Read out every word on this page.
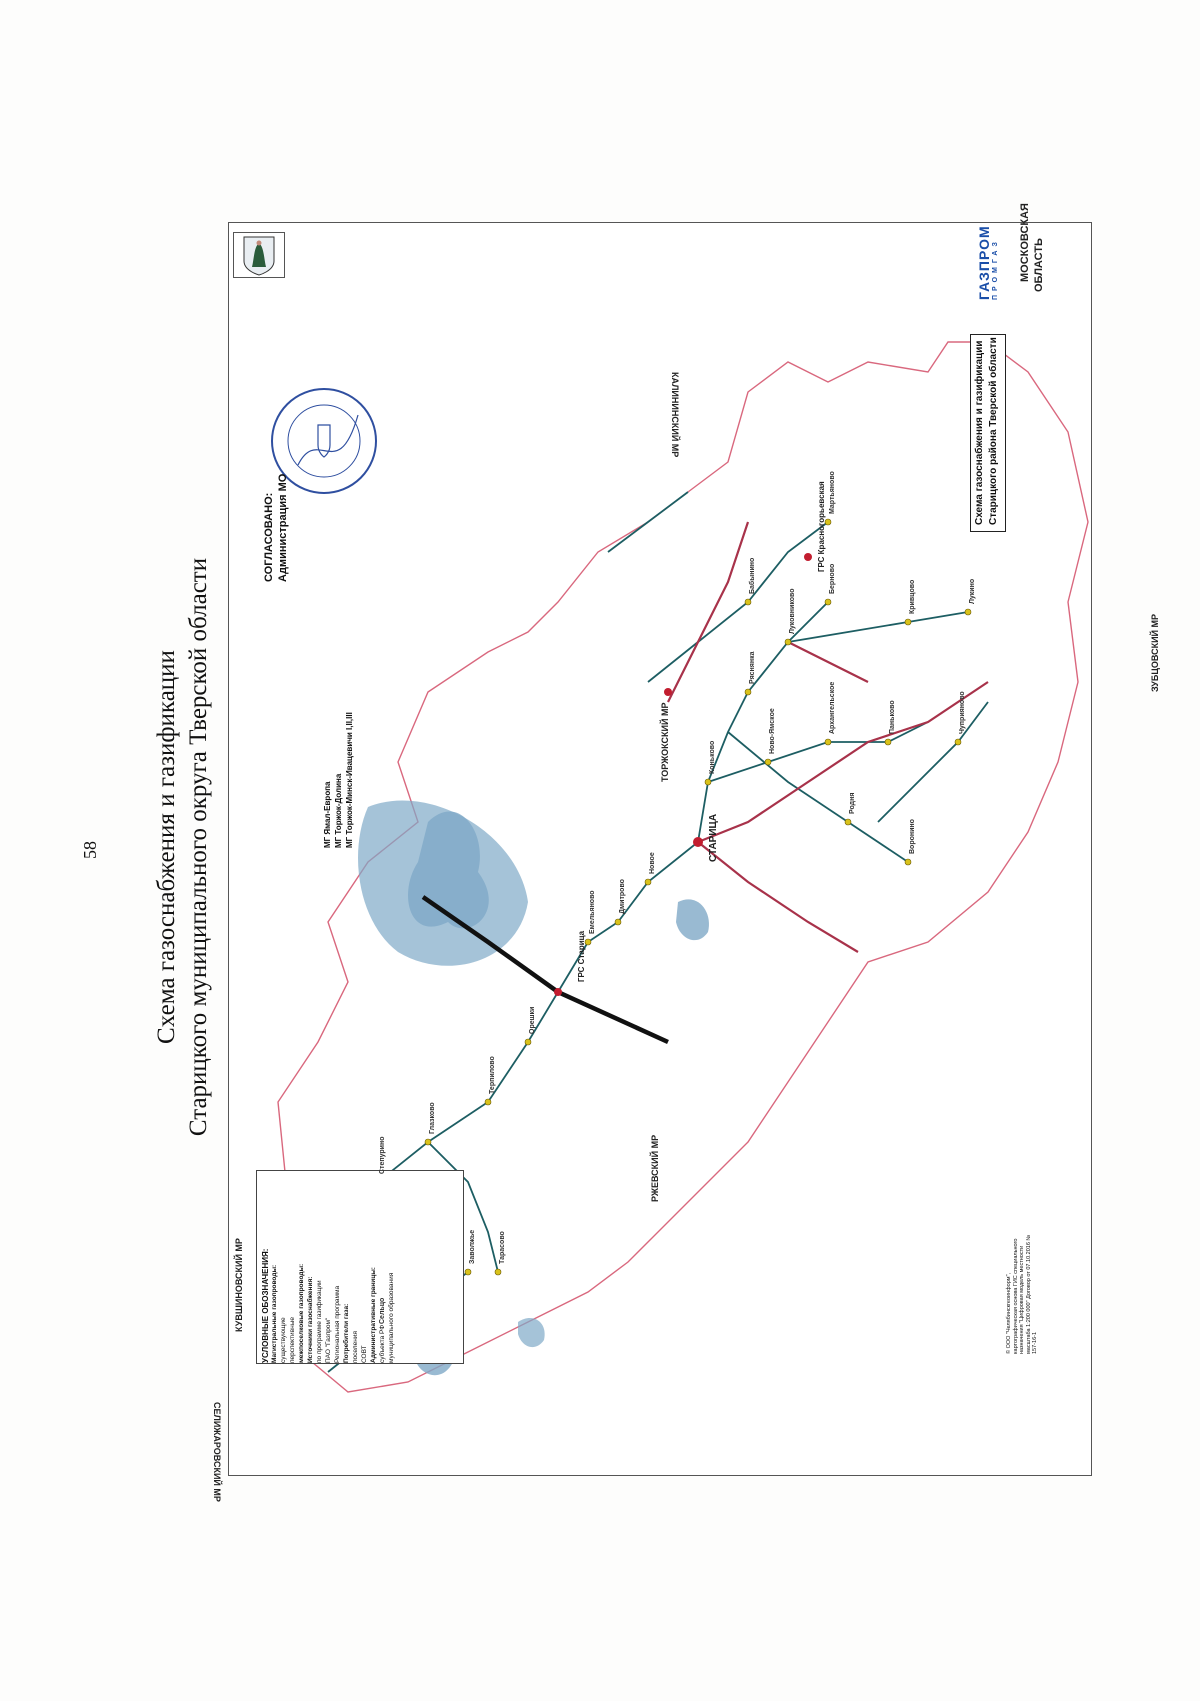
58 Схема газоснабжения и газификации Старицкого муниципального округа Тверской области	СТАРИЦА
ГРС Старица
ГРС Красногорьевская
ТОРЖОКСКИЙ МР
КАЛИНИНСКИЙ МР
ЗУБЦОВСКИЙ МР
РЖЕВСКИЙ МР
КУВШИНОВСКИЙ МР
СЕЛИЖАРОВСКИЙ МР
МОСКОВСКАЯ ОБЛАСТЬ
СОГЛАСОВАНО: Администрация МО
МГ Ямал-Европа МГ Торжок-Долина МГ Торжок-Минск-Ивацевичи I,II,III
Схема газоснабжения и газификации Старицкого района Тверской области
ГАЗПРОМ ПРОМГАЗ
УСЛОВНЫЕ ОБОЗНАЧЕНИЯ: Магистральные газопроводы: существующие перспективные межпоселковые газопроводы: Источники газоснабжения: по программе газификации ПАО "Газпром" Региональная программа Потребители газа: поселения СОВТ Административные границы: субъекта РФ муниципального образования	© ООО "Челябинскгеоинформ", картографическая основа ГИС специального назначения "Цифровая модель местности масштаба 1:200 000" Договор от 07.10.2016 № 157-16-1
Емельяново	Дмитрово
Новое
Коньково
Ряснянка
Луковниково
Берновo
Орешки
Терпилово
Глазково
Степурино
Ново-Ямское	Архангельское	Паньково
Родня
Воронино
Бабынино
Мартьяново
Кривцово	Лукино
Сельцо
Заволжье	Тарасово
Чуприяново
